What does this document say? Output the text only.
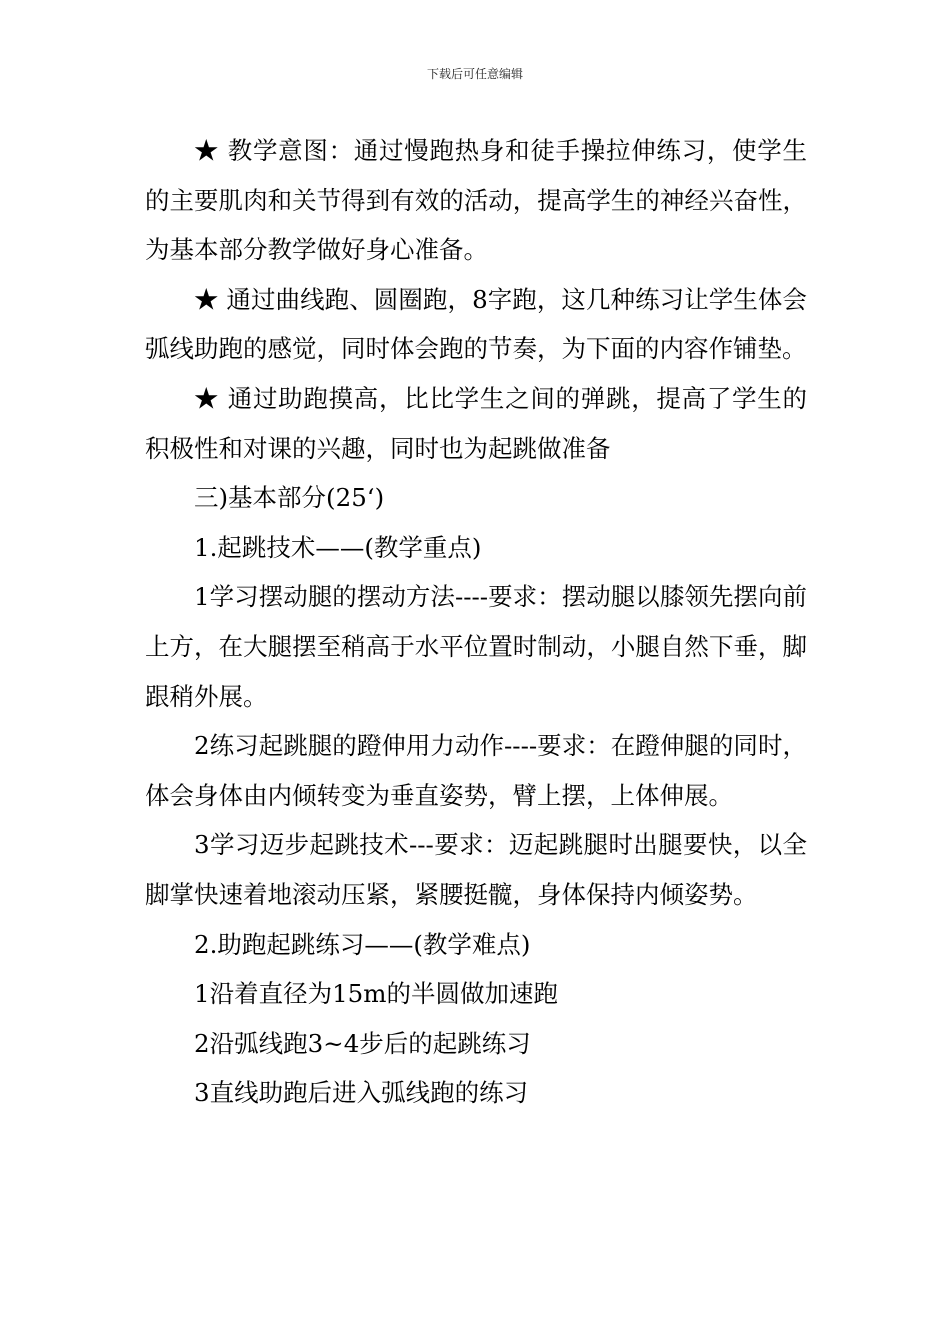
下载后可任意编辑

★ 教学意图：通过慢跑热身和徒手操拉伸练习，使学生的主要肌肉和关节得到有效的活动，提高学生的神经兴奋性，为基本部分教学做好身心准备。

★ 通过曲线跑、圆圈跑，8字跑，这几种练习让学生体会弧线助跑的感觉，同时体会跑的节奏，为下面的内容作铺垫。

★ 通过助跑摸高，比比学生之间的弹跳，提高了学生的积极性和对课的兴趣，同时也为起跳做准备

三)基本部分(25‘)

1.起跳技术——(教学重点)

1学习摆动腿的摆动方法----要求：摆动腿以膝领先摆向前上方，在大腿摆至稍高于水平位置时制动，小腿自然下垂，脚跟稍外展。

2练习起跳腿的蹬伸用力动作----要求：在蹬伸腿的同时，体会身体由内倾转变为垂直姿势，臂上摆，上体伸展。

3学习迈步起跳技术---要求：迈起跳腿时出腿要快，以全脚掌快速着地滚动压紧，紧腰挺髋，身体保持内倾姿势。

2.助跑起跳练习——(教学难点)

1沿着直径为15m的半圆做加速跑

2沿弧线跑3~4步后的起跳练习

3直线助跑后进入弧线跑的练习
